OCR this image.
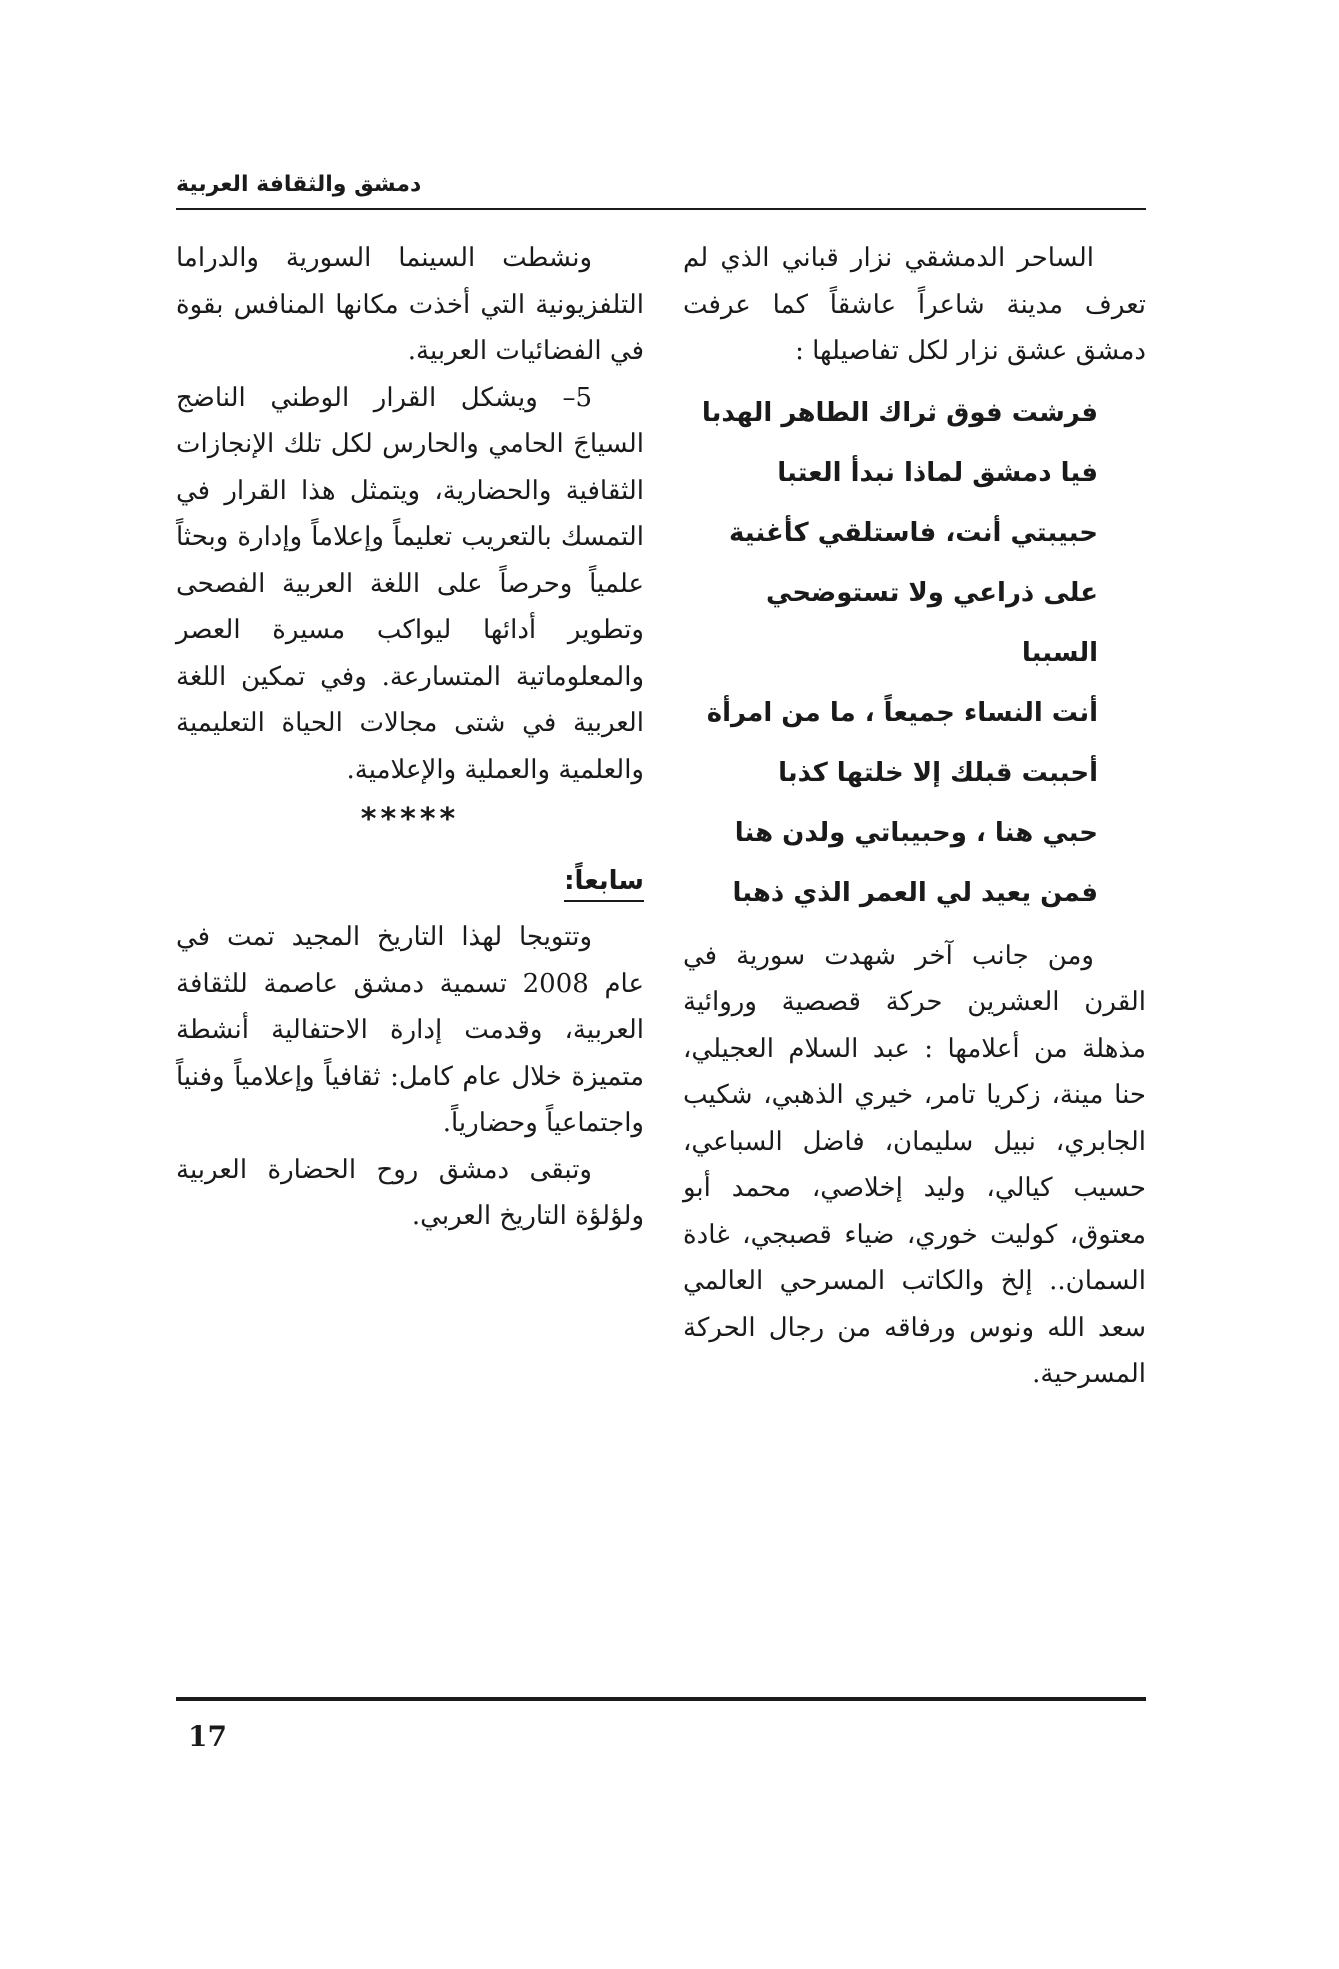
دمشق والثقافة العربية

الساحر الدمشقي نزار قباني الذي لم تعرف مدينة شاعراً عاشقاً كما عرفت دمشق عشق نزار لكل تفاصيلها :

فرشت فوق ثراك الطاهر الهدبا

فيا دمشق لماذا نبدأ العتبا

حبيبتي أنت، فاستلقي كأغنية

على ذراعي ولا تستوضحي السببا

أنت النساء جميعاً ، ما من امرأة

أحببت قبلك إلا خلتها كذبا

حبي هنا ، وحبيباتي ولدن هنا

فمن يعيد لي العمر الذي ذهبا

ومن جانب آخر شهدت سورية في القرن العشرين حركة قصصية وروائية مذهلة من أعلامها : عبد السلام العجيلي، حنا مينة، زكريا تامر، خيري الذهبي، شكيب الجابري، نبيل سليمان، فاضل السباعي، حسيب كيالي، وليد إخلاصي، محمد أبو معتوق، كوليت خوري، ضياء قصبجي، غادة السمان.. إلخ والكاتب المسرحي العالمي سعد الله ونوس ورفاقه من رجال الحركة المسرحية.

ونشطت السينما السورية والدراما التلفزيونية التي أخذت مكانها المنافس بقوة في الفضائيات العربية.

5– ويشكل القرار الوطني الناضج السياجَ الحامي والحارس لكل تلك الإنجازات الثقافية والحضارية، ويتمثل هذا القرار في التمسك بالتعريب تعليماً وإعلاماً وإدارة وبحثاً علمياً وحرصاً على اللغة العربية الفصحى وتطوير أدائها ليواكب مسيرة العصر والمعلوماتية المتسارعة. وفي تمكين اللغة العربية في شتى مجالات الحياة التعليمية والعلمية والعملية والإعلامية.

*****
سابعاً:

وتتويجا لهذا التاريخ المجيد تمت في عام 2008 تسمية دمشق عاصمة للثقافة العربية، وقدمت إدارة الاحتفالية أنشطة متميزة خلال عام كامل: ثقافياً وإعلامياً وفنياً واجتماعياً وحضارياً.

وتبقى دمشق روح الحضارة العربية ولؤلؤة التاريخ العربي.

17
